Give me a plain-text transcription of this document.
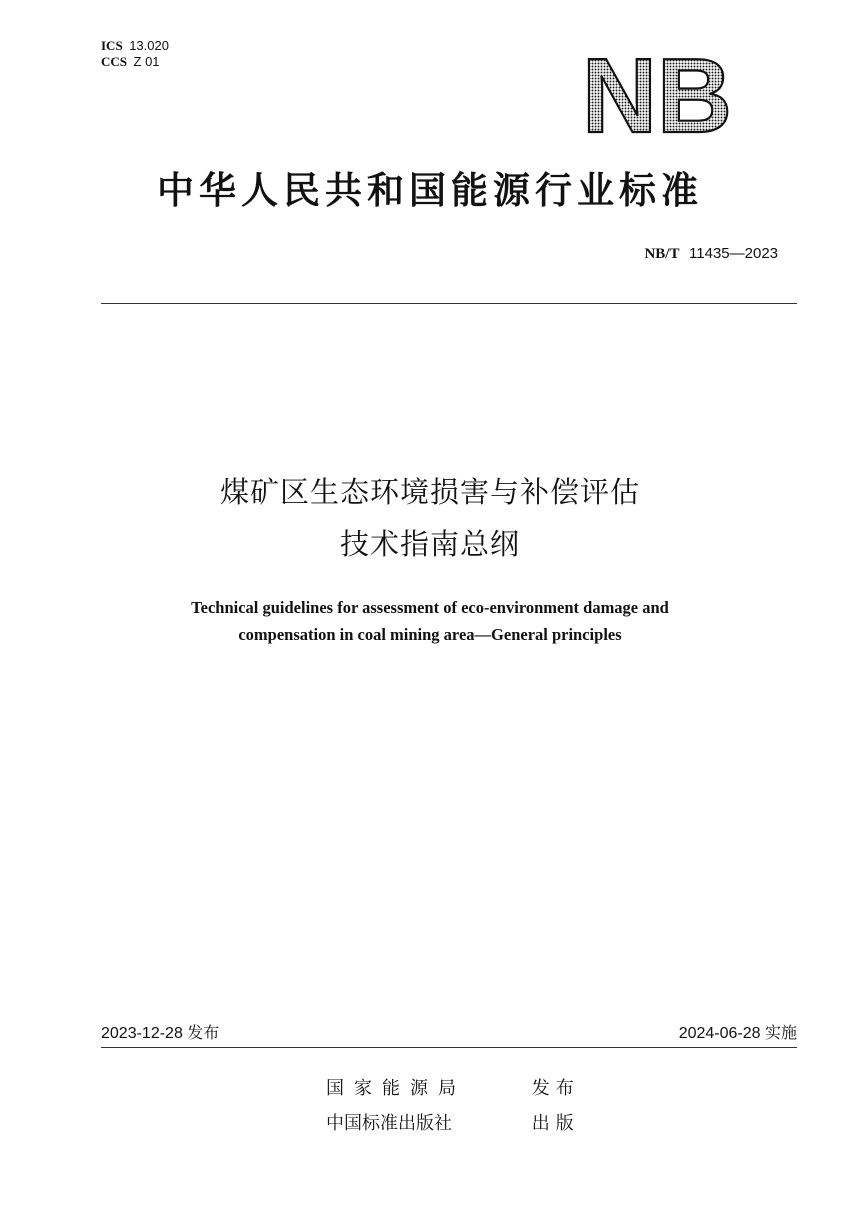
ICS 13.020
CCS Z 01	NB
中华人民共和国能源行业标准
NB/T 11435—2023
煤矿区生态环境损害与补偿评估
技术指南总纲
Technical guidelines for assessment of eco-environment damage and
compensation in coal mining area—General principles
2023-12-28 发布	2024-06-28 实施
国家能源局	发布
中国标准出版社	出版
